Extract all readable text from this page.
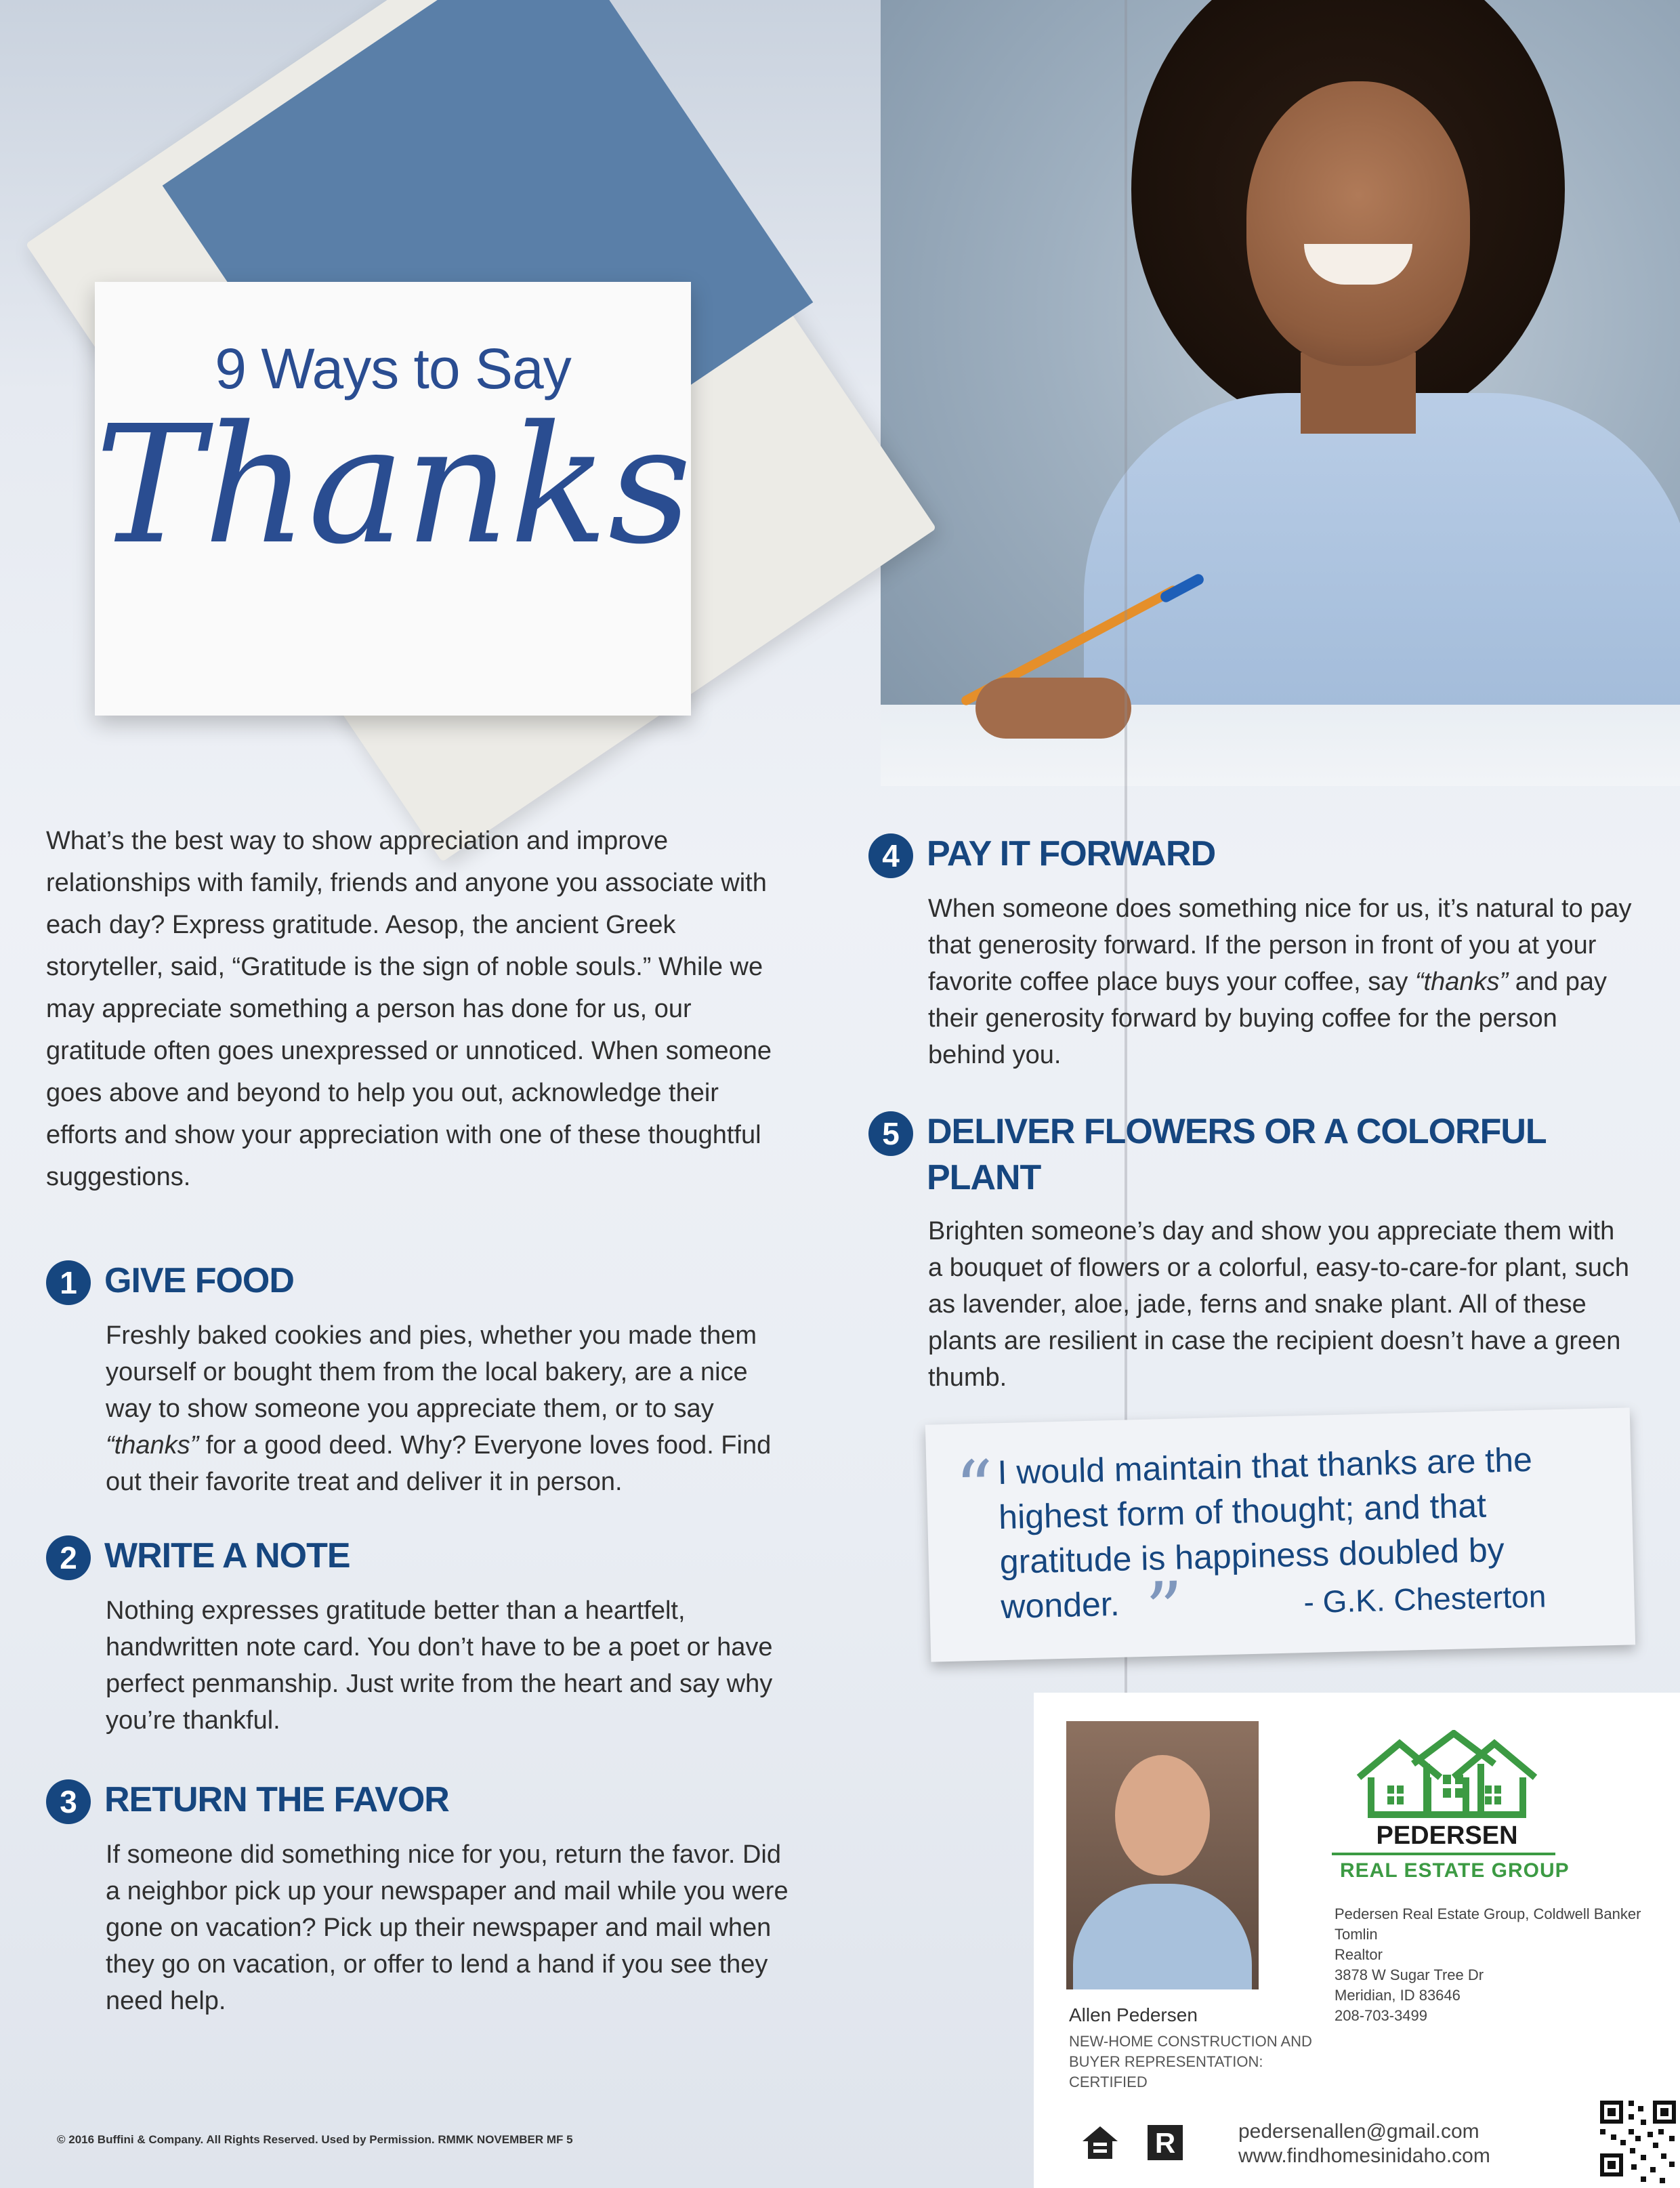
9 Ways to Say
Thanks

What’s the best way to show appreciation and improve relationships with family, friends and anyone you associate with each day? Express gratitude. Aesop, the ancient Greek storyteller, said, “Gratitude is the sign of noble souls.” While we may appreciate something a person has done for us, our gratitude often goes unexpressed or unnoticed. When someone goes above and beyond to help you out, acknowledge their efforts and show your appreciation with one of these thoughtful suggestions.

1 GIVE FOOD

Freshly baked cookies and pies, whether you made them yourself or bought them from the local bakery, are a nice way to show someone you appreciate them, or to say “thanks” for a good deed. Why? Everyone loves food. Find out their favorite treat and deliver it in person.

2 WRITE A NOTE

Nothing expresses gratitude better than a heartfelt, handwritten note card. You don’t have to be a poet or have perfect penmanship. Just write from the heart and say why you’re thankful.

3 RETURN THE FAVOR

If someone did something nice for you, return the favor. Did a neighbor pick up your newspaper and mail while you were gone on vacation? Pick up their newspaper and mail when they go on vacation, or offer to lend a hand if you see they need help.

4 PAY IT FORWARD

When someone does something nice for us, it’s natural to pay that generosity forward. If the person in front of you at your favorite coffee place buys your coffee, say “thanks” and pay their generosity forward by buying coffee for the person behind you.

5 DELIVER FLOWERS OR A COLORFUL PLANT

Brighten someone’s day and show you appreciate them with a bouquet of flowers or a colorful, easy-to-care-for plant, such as lavender, aloe, jade, ferns and snake plant. All of these plants are resilient in case the recipient doesn’t have a green thumb.

“ I would maintain that thanks are the highest form of thought; and that gratitude is happiness doubled by wonder. ”	- G.K. Chesterton
Allen Pedersen

NEW-HOME CONSTRUCTION AND BUYER REPRESENTATION: CERTIFIED

PEDERSEN
REAL ESTATE GROUP

Pedersen Real Estate Group, Coldwell Banker Tomlin

Realtor

3878 W Sugar Tree Dr

Meridian, ID 83646

208-703-3499

R	pedersenallen@gmail.com

www.findhomesinidaho.com

© 2016 Buffini & Company. All Rights Reserved. Used by Permission. RMMK NOVEMBER MF 5
